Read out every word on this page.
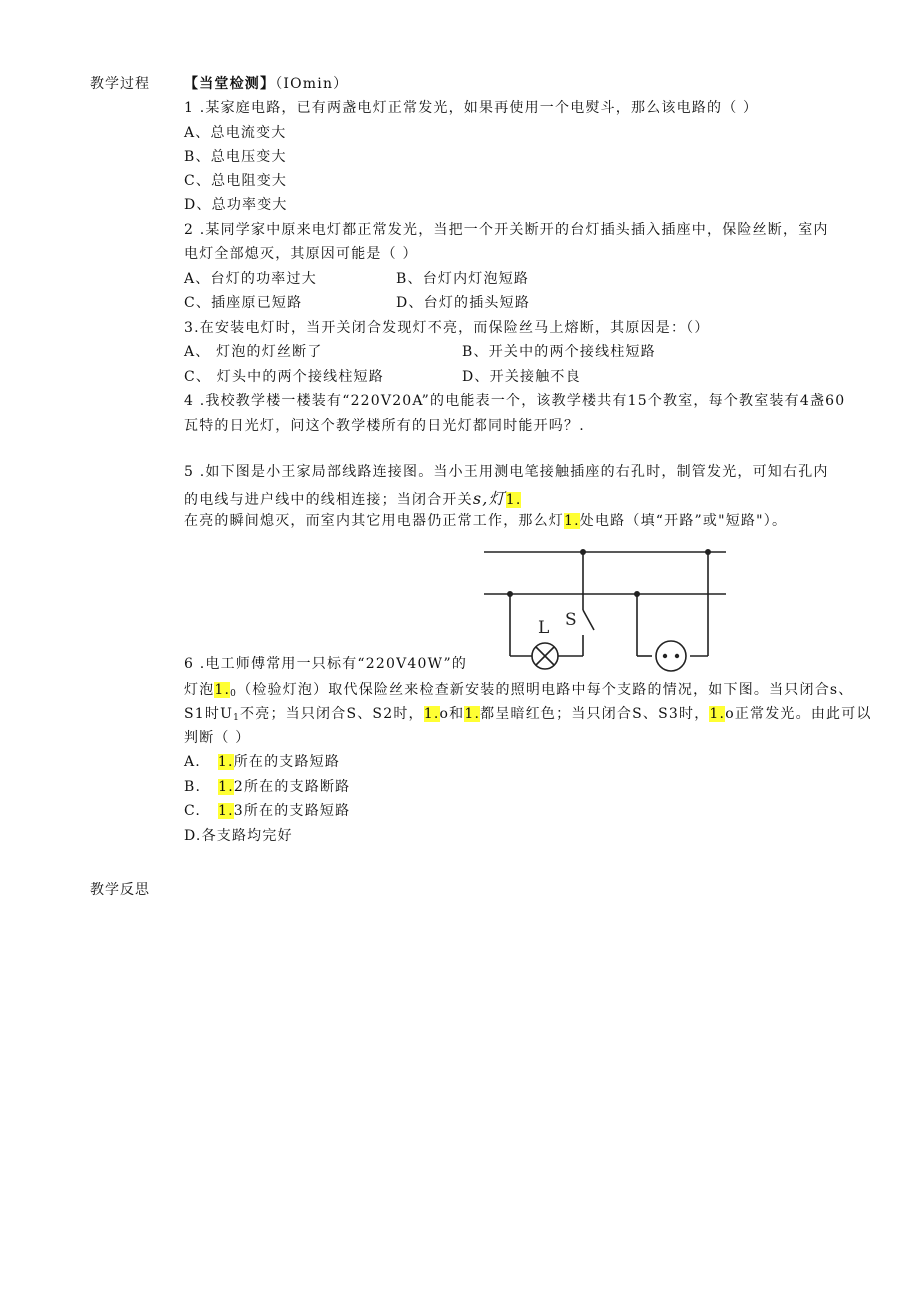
教学过程 【当堂检测】（IOmin）
1 .某家庭电路，已有两盏电灯正常发光，如果再使用一个电熨斗，那么该电路的（ ）
A、总电流变大
B、总电压变大
C、总电阻变大
D、总功率变大
2 .某同学家中原来电灯都正常发光，当把一个开关断开的台灯插头插入插座中，保险丝断，室内
电灯全部熄灭，其原因可能是（ ）
A、台灯的功率过大	B、台灯内灯泡短路
C、插座原已短路	D、台灯的插头短路
3.在安装电灯时，当开关闭合发现灯不亮，而保险丝马上熔断，其原因是：（）
A、 灯泡的灯丝断了	B、开关中的两个接线柱短路
C、 灯头中的两个接线柱短路	D、开关接触不良
4 .我校教学楼一楼装有“220V20A”的电能表一个，该教学楼共有15个教室，每个教室装有4盏60
瓦特的日光灯，问这个教学楼所有的日光灯都同时能开吗？.
5 .如下图是小王家局部线路连接图。当小王用测电笔接触插座的右孔时，制管发光，可知右孔内
的电线与进户线中的线相连接；当闭合开关s,灯1.
在亮的瞬间熄灭，而室内其它用电器仍正常工作，那么灯1.处电路（填“开路”或"短路"）。
L S
6 .电工师傅常用一只标有“220V40W”的
灯泡$1._0$（检验灯泡）取代保险丝来检查新安装的照明电路中每个支路的情况，如下图。当只闭合s、
S1时$U_1$不亮；当只闭合S、S2时，1.o和1.都呈暗红色；当只闭合S、S3时，1.o正常发光。由此可以
判断（ ）
A.   1.所在的支路短路
B.   1.2所在的支路断路
C.   1.3所在的支路短路
D.各支路均完好
教学反思
